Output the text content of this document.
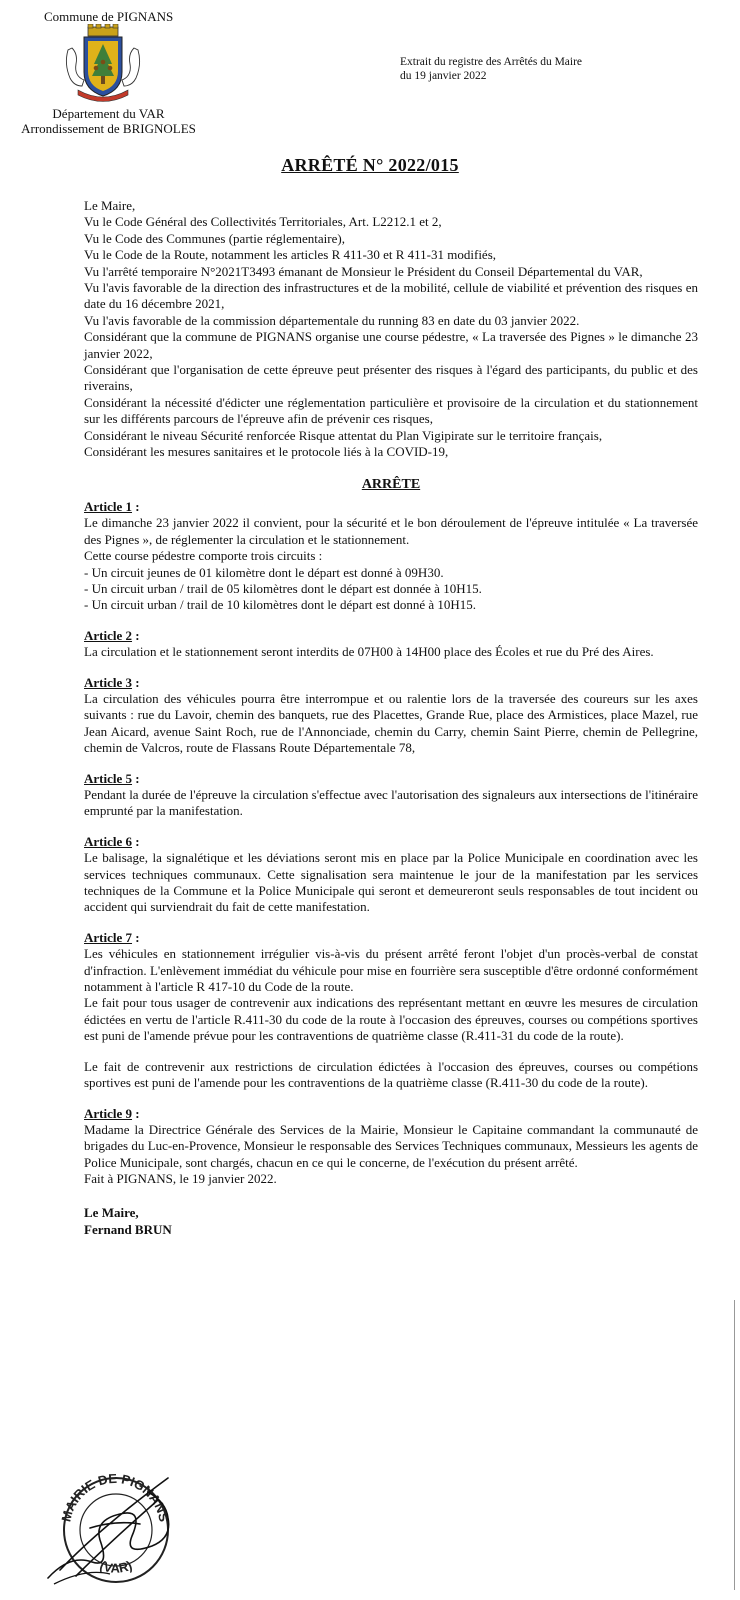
Commune de PIGNANS
Département du VAR
Arrondissement de BRIGNOLES
Extrait du registre des Arrêtés du Maire
du 19 janvier 2022
ARRÊTÉ N° 2022/015

Le Maire,

Vu le Code Général des Collectivités Territoriales, Art. L2212.1 et 2,

Vu le Code des Communes (partie réglementaire),

Vu le Code de la Route, notamment les articles R 411-30 et R 411-31 modifiés,

Vu l'arrêté temporaire N°2021T3493 émanant de Monsieur le Président du Conseil Départemental du VAR,

Vu l'avis favorable de la direction des infrastructures et de la mobilité, cellule de viabilité et prévention des risques en date du 16 décembre 2021,

Vu l'avis favorable de la commission départementale du running 83 en date du 03 janvier 2022.

Considérant que la commune de PIGNANS organise une course pédestre, « La traversée des Pignes » le dimanche 23 janvier 2022,

Considérant que l'organisation de cette épreuve peut présenter des risques à l'égard des participants, du public et des riverains,

Considérant la nécessité d'édicter une réglementation particulière et provisoire de la circulation et du stationnement sur les différents parcours de l'épreuve afin de prévenir ces risques,

Considérant le niveau Sécurité renforcée Risque attentat du Plan Vigipirate sur le territoire français,

Considérant les mesures sanitaires et le protocole liés à la COVID-19,

ARRÊTE

Article 1 :

Le dimanche 23 janvier 2022 il convient, pour la sécurité et le bon déroulement de l'épreuve intitulée « La traversée des Pignes », de réglementer la circulation et le stationnement.

Cette course pédestre comporte trois circuits :

- Un circuit jeunes de 01 kilomètre dont le départ est donné à 09H30.

- Un circuit urban / trail de 05 kilomètres dont le départ est donnée à 10H15.

- Un circuit urban / trail de 10 kilomètres dont le départ est donné à 10H15.

Article 2 :

La circulation et le stationnement seront interdits de 07H00 à 14H00 place des Écoles et rue du Pré des Aires.

Article 3 :

La circulation des véhicules pourra être interrompue et ou ralentie lors de la traversée des coureurs sur les axes suivants : rue du Lavoir, chemin des banquets, rue des Placettes, Grande Rue, place des Armistices, place Mazel, rue Jean Aicard, avenue Saint Roch, rue de l'Annonciade, chemin du Carry, chemin Saint Pierre, chemin de Pellegrine, chemin de Valcros, route de Flassans Route Départementale 78,

Article 5 :

Pendant la durée de l'épreuve la circulation s'effectue avec l'autorisation des signaleurs aux intersections de l'itinéraire emprunté par la manifestation.

Article 6 :

Le balisage, la signalétique et les déviations seront mis en place par la Police Municipale en coordination avec les services techniques communaux. Cette signalisation sera maintenue le jour de la manifestation par les services techniques de la Commune et la Police Municipale qui seront et demeureront seuls responsables de tout incident ou accident qui surviendrait du fait de cette manifestation.

Article 7 :

Les véhicules en stationnement irrégulier vis-à-vis du présent arrêté feront l'objet d'un procès-verbal de constat d'infraction. L'enlèvement immédiat du véhicule pour mise en fourrière sera susceptible d'être ordonné conformément notamment à l'article R 417-10 du Code de la route.

Le fait pour tous usager de contrevenir aux indications des représentant mettant en œuvre les mesures de circulation édictées en vertu de l'article R.411-30 du code de la route à l'occasion des épreuves, courses ou compétions sportives est puni de l'amende prévue pour les contraventions de quatrième classe (R.411-31 du code de la route).

Le fait de contrevenir aux restrictions de circulation édictées à l'occasion des épreuves, courses ou compétions sportives est puni de l'amende pour les contraventions de la quatrième classe (R.411-30 du code de la route).

Article 9 :

Madame la Directrice Générale des Services de la Mairie, Monsieur le Capitaine commandant la communauté de brigades du Luc-en-Provence, Monsieur le responsable des Services Techniques communaux, Messieurs les agents de Police Municipale, sont chargés, chacun en ce qui le concerne, de l'exécution du présent arrêté.

Fait à PIGNANS, le 19 janvier 2022.

Le Maire,
Fernand BRUN
MAIRIE DE PIGNANS
(VAR)
